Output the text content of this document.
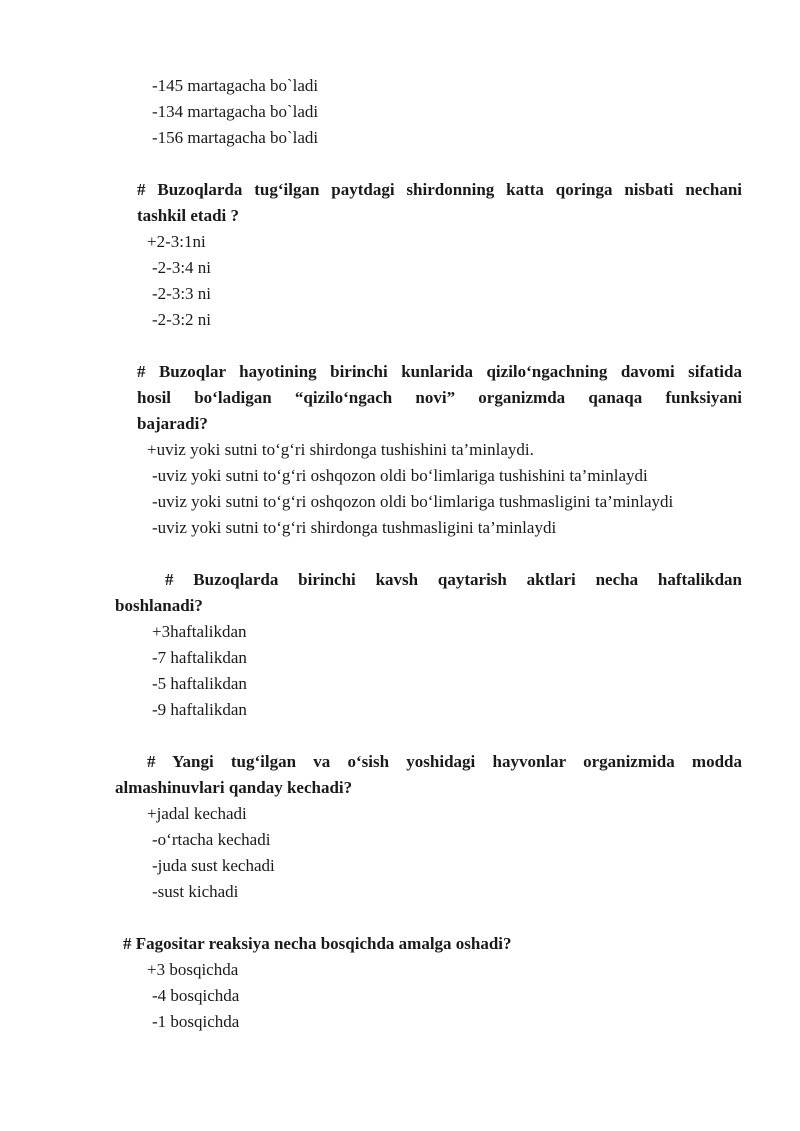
-145 martagacha bo`ladi
-134 martagacha bo`ladi
-156 martagacha bo`ladi
# Buzoqlarda tug‘ilgan paytdagi shirdonning katta qoringa nisbati nechani
tashkil etadi ?
+2-3:1ni
-2-3:4 ni
-2-3:3 ni
-2-3:2 ni
# Buzoqlar hayotining birinchi kunlarida qizilo‘ngachning davomi sifatida
hosil bo‘ladigan “qizilo‘ngach novi” organizmda qanaqa funksiyani
bajaradi?
+uviz yoki sutni to‘g‘ri shirdonga tushishini ta’minlaydi.
-uviz yoki sutni to‘g‘ri oshqozon oldi bo‘limlariga tushishini ta’minlaydi
-uviz yoki sutni to‘g‘ri oshqozon oldi bo‘limlariga tushmasligini ta’minlaydi
-uviz yoki sutni to‘g‘ri shirdonga tushmasligini ta’minlaydi
# Buzoqlarda birinchi kavsh qaytarish aktlari necha haftalikdan
boshlanadi?
+3haftalikdan
-7 haftalikdan
-5 haftalikdan
-9 haftalikdan
# Yangi tug‘ilgan va o‘sish yoshidagi hayvonlar organizmida modda
almashinuvlari qanday kechadi?
+jadal kechadi
-o‘rtacha kechadi
-juda sust kechadi
-sust kichadi
# Fagositar reaksiya necha bosqichda amalga oshadi?
+3 bosqichda
-4 bosqichda
-1 bosqichda
